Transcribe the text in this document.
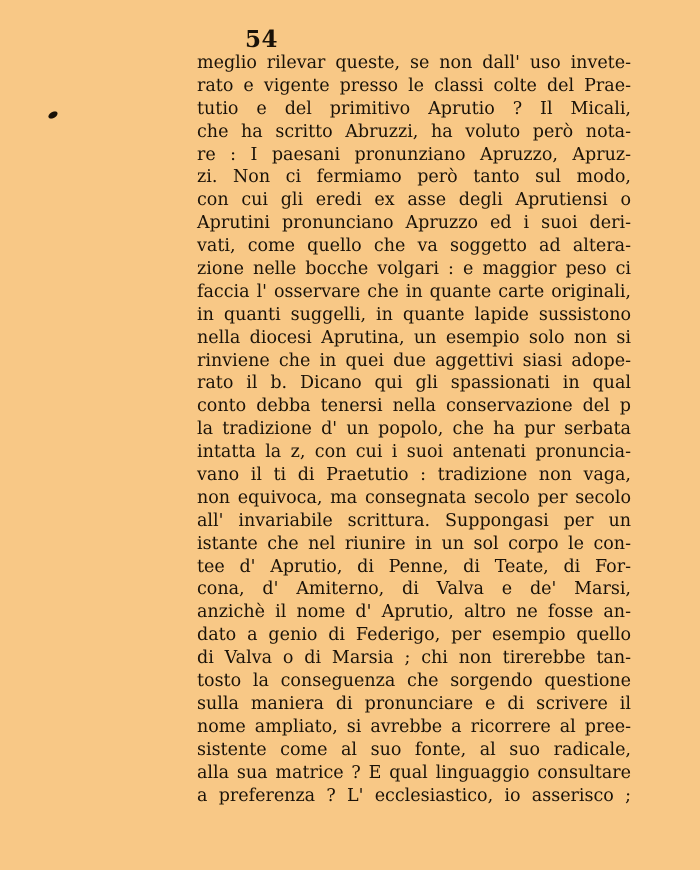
54
meglio rilevar queste, se non dall' uso invete-
rato e vigente presso le classi colte del Prae-
tutio e del primitivo Aprutio ? Il Micali,
che ha scritto Abruzzi, ha voluto però nota-
re : I paesani pronunziano Apruzzo, Apruz-
zi. Non ci fermiamo però tanto sul modo,
con cui gli eredi ex asse degli Aprutiensi o
Aprutini pronunciano Apruzzo ed i suoi deri-
vati, come quello che va soggetto ad altera-
zione nelle bocche volgari : e maggior peso ci
faccia l' osservare che in quante carte originali,
in quanti suggelli, in quante lapide sussistono
nella diocesi Aprutina, un esempio solo non si
rinviene che in quei due aggettivi siasi adope-
rato il b. Dicano qui gli spassionati in qual
conto debba tenersi nella conservazione del p
la tradizione d' un popolo, che ha pur serbata
intatta la z, con cui i suoi antenati pronuncia-
vano il ti di Praetutio : tradizione non vaga,
non equivoca, ma consegnata secolo per secolo
all' invariabile scrittura. Suppongasi per un
istante che nel riunire in un sol corpo le con-
tee d' Aprutio, di Penne, di Teate, di For-
cona, d' Amiterno, di Valva e de' Marsi,
anzichè il nome d' Aprutio, altro ne fosse an-
dato a genio di Federigo, per esempio quello
di Valva o di Marsia ; chi non tirerebbe tan-
tosto la conseguenza che sorgendo questione
sulla maniera di pronunciare e di scrivere il
nome ampliato, si avrebbe a ricorrere al pree-
sistente come al suo fonte, al suo radicale,
alla sua matrice ? E qual linguaggio consultare
a preferenza ? L' ecclesiastico, io asserisco ;
